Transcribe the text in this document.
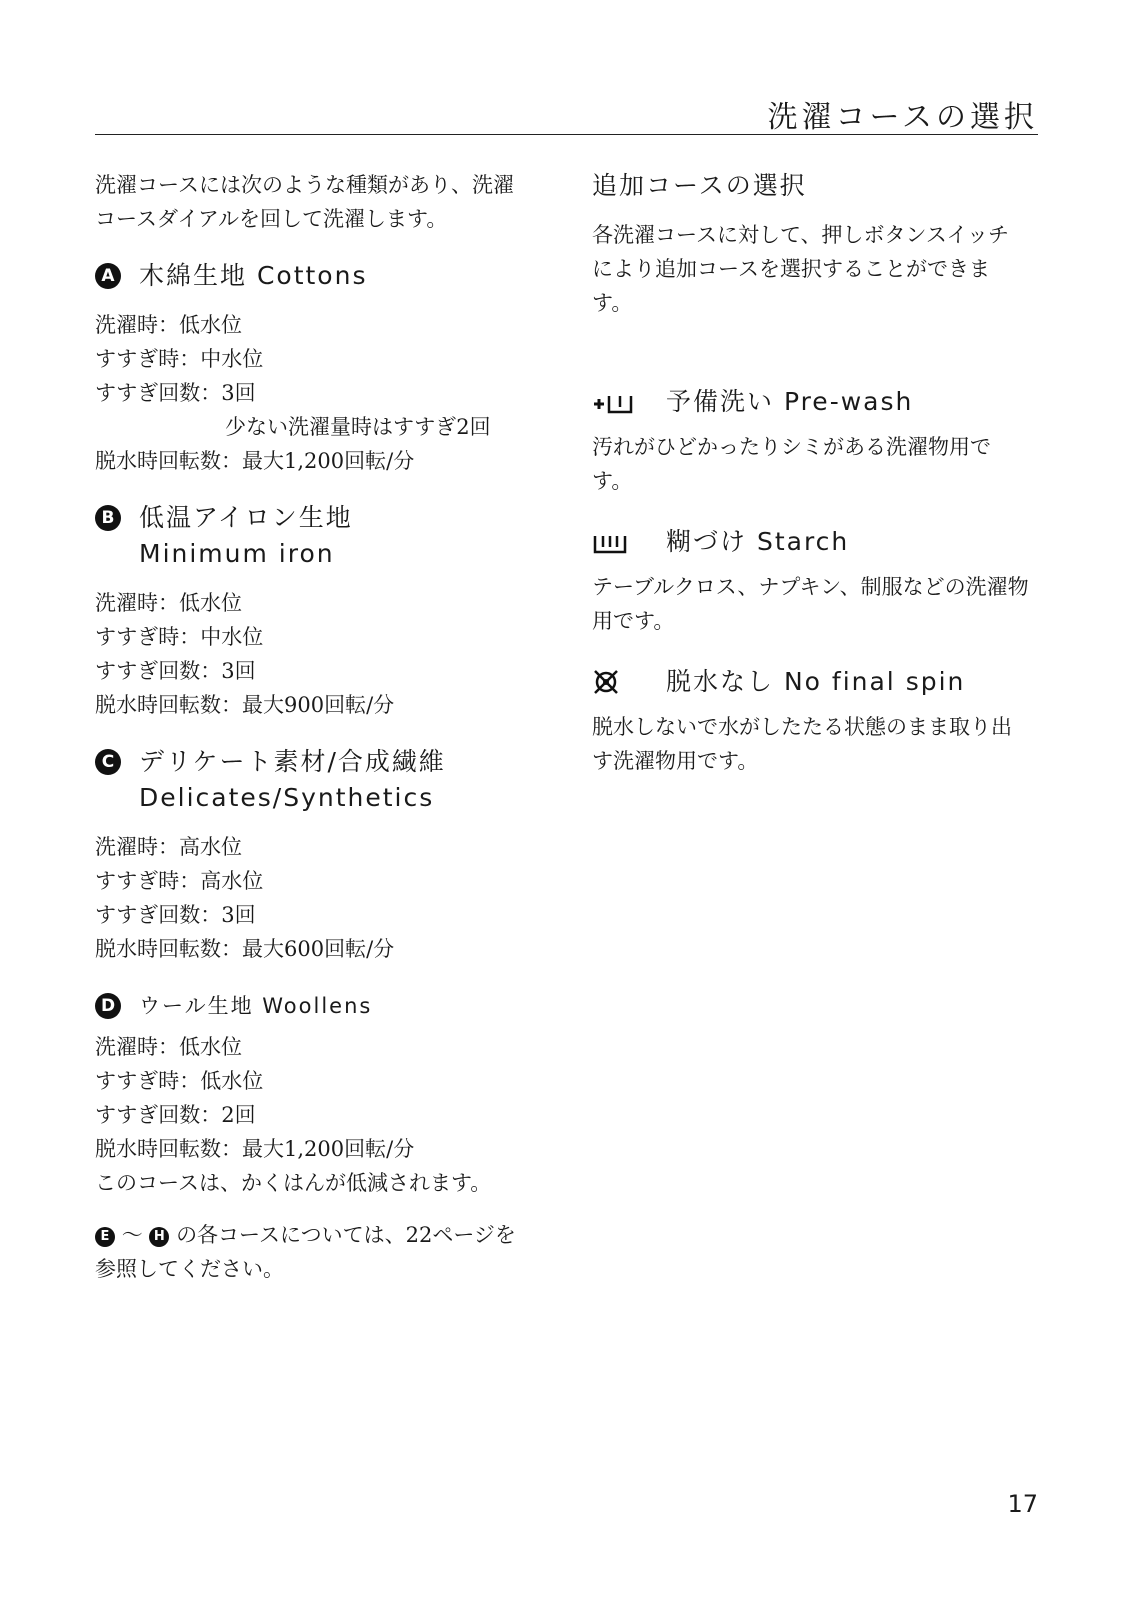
洗濯コースの選択

洗濯コースには次のような種類があり、洗濯
コースダイアルを回して洗濯します。

A 木綿生地 Cottons

洗濯時：低水位
すすぎ時：中水位
すすぎ回数：3回
少ない洗濯量時はすすぎ2回
脱水時回転数：最大1,200回転/分

B 低温アイロン生地
Minimum iron

洗濯時：低水位
すすぎ時：中水位
すすぎ回数：3回
脱水時回転数：最大900回転/分

C デリケート素材/合成繊維
Delicates/Synthetics

洗濯時：高水位
すすぎ時：高水位
すすぎ回数：3回
脱水時回転数：最大600回転/分

D ウール生地 Woollens

洗濯時：低水位
すすぎ時：低水位
すすぎ回数：2回
脱水時回転数：最大1,200回転/分
このコースは、かくはんが低減されます。

E ～ H の各コースについては、22ページを
参照してください。

追加コースの選択

各洗濯コースに対して、押しボタンスイッチ
により追加コースを選択することができま
す。

予備洗い Pre-wash

汚れがひどかったりシミがある洗濯物用で
す。

糊づけ Starch

テーブルクロス、ナプキン、制服などの洗濯物
用です。

脱水なし No final spin

脱水しないで水がしたたる状態のまま取り出
す洗濯物用です。

17
